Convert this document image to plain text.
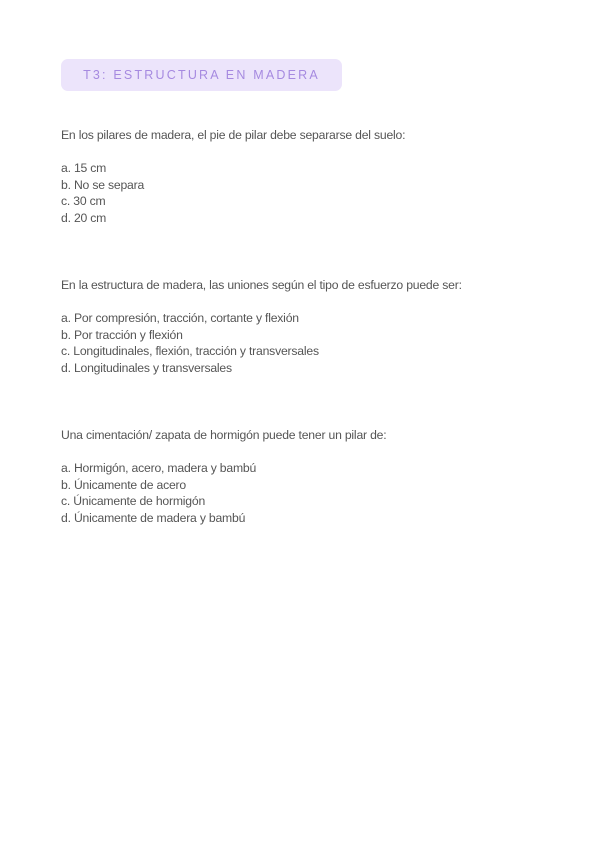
T3: ESTRUCTURA EN MADERA

En los pilares de madera, el pie de pilar debe separarse del suelo:

a. 15 cm
b. No se separa
c. 30 cm
d. 20 cm

En la estructura de madera, las uniones según el tipo de esfuerzo puede ser:

a. Por compresión, tracción, cortante y flexión
b. Por tracción y flexión
c. Longitudinales, flexión, tracción y transversales
d. Longitudinales y transversales

Una cimentación/ zapata de hormigón puede tener un pilar de:

a. Hormigón, acero, madera y bambú
b. Únicamente de acero
c. Únicamente de hormigón
d. Únicamente de madera y bambú
